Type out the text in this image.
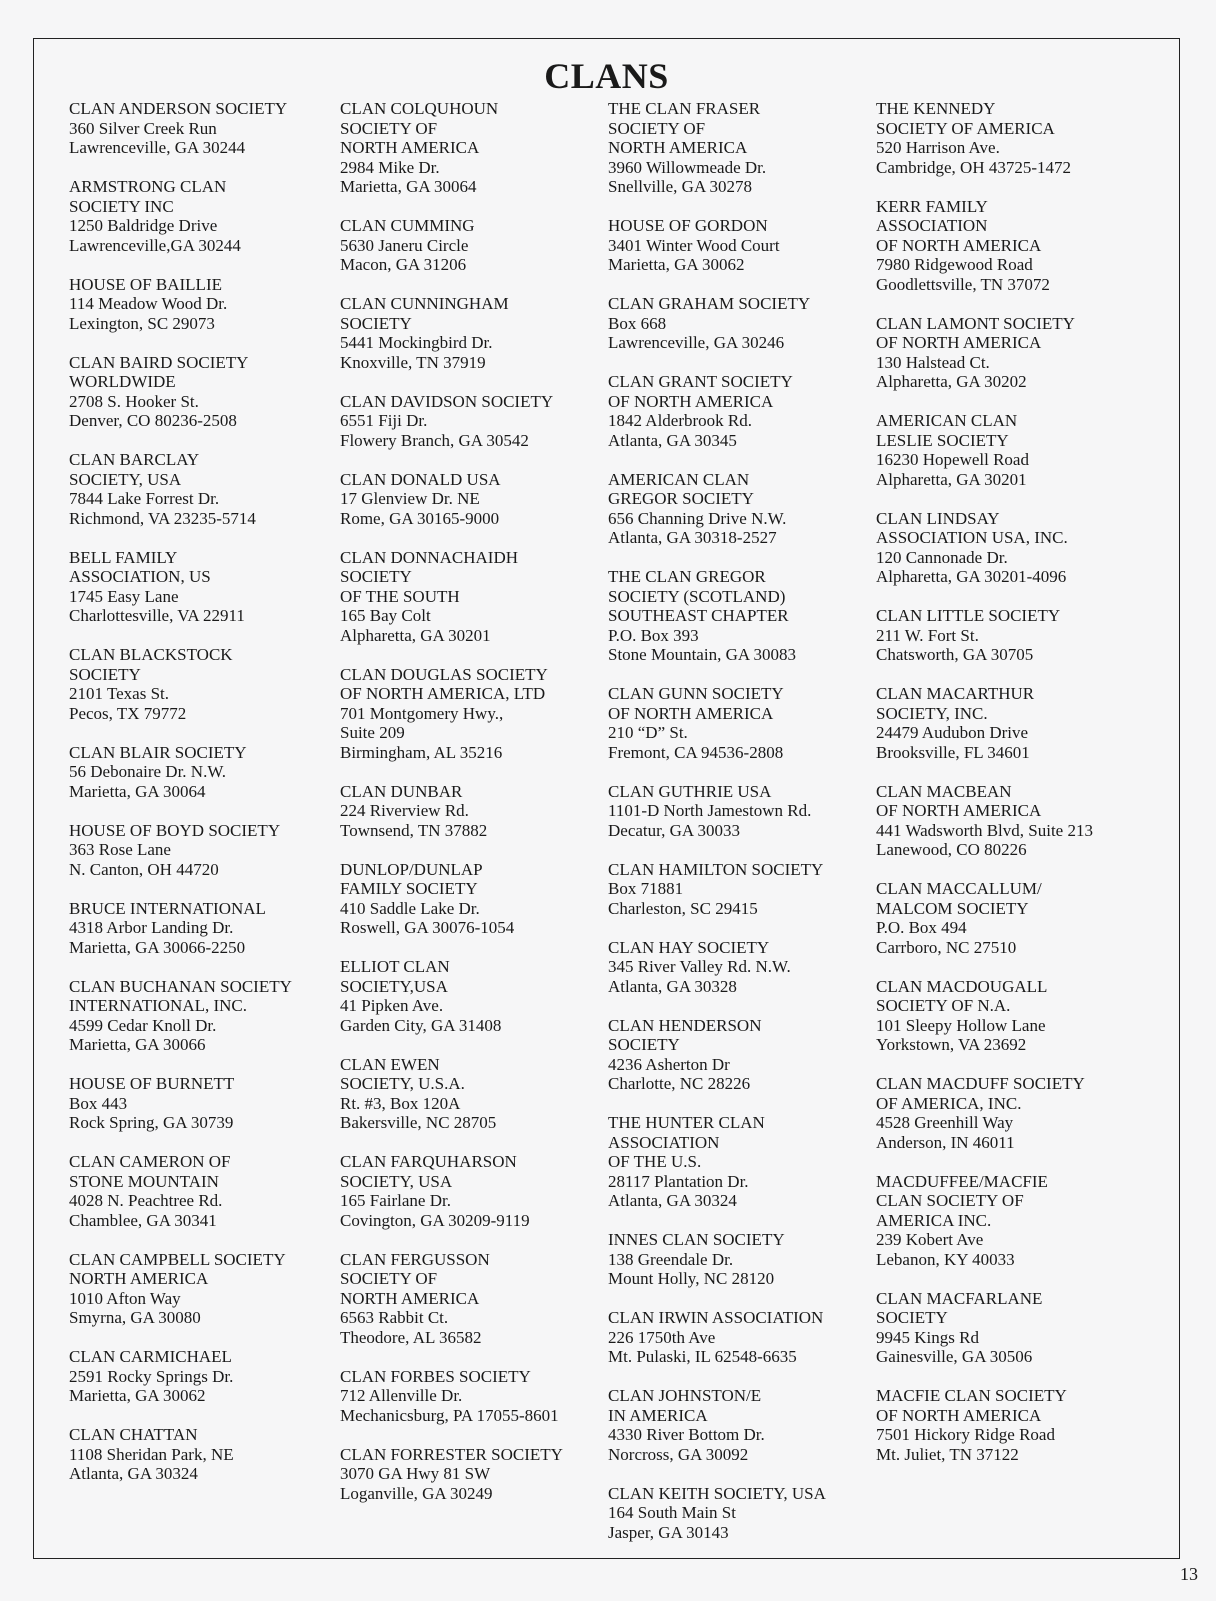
CLANS
CLAN ANDERSON SOCIETY
360 Silver Creek Run
Lawrenceville, GA 30244
ARMSTRONG CLAN
SOCIETY INC
1250 Baldridge Drive
Lawrenceville,GA 30244
HOUSE OF BAILLIE
114 Meadow Wood Dr.
Lexington, SC 29073
CLAN BAIRD SOCIETY
WORLDWIDE
2708 S. Hooker St.
Denver, CO 80236-2508
CLAN BARCLAY
SOCIETY, USA
7844 Lake Forrest Dr.
Richmond, VA 23235-5714
BELL FAMILY
ASSOCIATION, US
1745 Easy Lane
Charlottesville, VA 22911
CLAN BLACKSTOCK
SOCIETY
2101 Texas St.
Pecos, TX 79772
CLAN BLAIR SOCIETY
56 Debonaire Dr. N.W.
Marietta, GA 30064
HOUSE OF BOYD SOCIETY
363 Rose Lane
N. Canton, OH 44720
BRUCE INTERNATIONAL
4318 Arbor Landing Dr.
Marietta, GA 30066-2250
CLAN BUCHANAN SOCIETY
INTERNATIONAL, INC.
4599 Cedar Knoll Dr.
Marietta, GA 30066
HOUSE OF BURNETT
Box 443
Rock Spring, GA 30739
CLAN CAMERON OF
STONE MOUNTAIN
4028 N. Peachtree Rd.
Chamblee, GA 30341
CLAN CAMPBELL SOCIETY
NORTH AMERICA
1010 Afton Way
Smyrna, GA 30080
CLAN CARMICHAEL
2591 Rocky Springs Dr.
Marietta, GA 30062
CLAN CHATTAN
1108 Sheridan Park, NE
Atlanta, GA 30324
CLAN COLQUHOUN
SOCIETY OF
NORTH AMERICA
2984 Mike Dr.
Marietta, GA 30064
CLAN CUMMING
5630 Janeru Circle
Macon, GA 31206
CLAN CUNNINGHAM
SOCIETY
5441 Mockingbird Dr.
Knoxville, TN 37919
CLAN DAVIDSON SOCIETY
6551 Fiji Dr.
Flowery Branch, GA 30542
CLAN DONALD USA
17 Glenview Dr. NE
Rome, GA 30165-9000
CLAN DONNACHAIDH
SOCIETY
OF THE SOUTH
165 Bay Colt
Alpharetta, GA 30201
CLAN DOUGLAS SOCIETY
OF NORTH AMERICA, LTD
701 Montgomery Hwy.,
Suite 209
Birmingham, AL 35216
CLAN DUNBAR
224 Riverview Rd.
Townsend, TN 37882
DUNLOP/DUNLAP
FAMILY SOCIETY
410 Saddle Lake Dr.
Roswell, GA 30076-1054
ELLIOT CLAN
SOCIETY,USA
41 Pipken Ave.
Garden City, GA 31408
CLAN EWEN
SOCIETY, U.S.A.
Rt. #3, Box 120A
Bakersville, NC 28705
CLAN FARQUHARSON
SOCIETY, USA
165 Fairlane Dr.
Covington, GA 30209-9119
CLAN FERGUSSON
SOCIETY OF
NORTH AMERICA
6563 Rabbit Ct.
Theodore, AL 36582
CLAN FORBES SOCIETY
712 Allenville Dr.
Mechanicsburg, PA 17055-8601
CLAN FORRESTER SOCIETY
3070 GA Hwy 81 SW
Loganville, GA 30249
THE CLAN FRASER
SOCIETY OF
NORTH AMERICA
3960 Willowmeade Dr.
Snellville, GA 30278
HOUSE OF GORDON
3401 Winter Wood Court
Marietta, GA 30062
CLAN GRAHAM SOCIETY
Box 668
Lawrenceville, GA 30246
CLAN GRANT SOCIETY
OF NORTH AMERICA
1842 Alderbrook Rd.
Atlanta, GA 30345
AMERICAN CLAN
GREGOR SOCIETY
656 Channing Drive N.W.
Atlanta, GA 30318-2527
THE CLAN GREGOR
SOCIETY (SCOTLAND)
SOUTHEAST CHAPTER
P.O. Box 393
Stone Mountain, GA 30083
CLAN GUNN SOCIETY
OF NORTH AMERICA
210 “D” St.
Fremont, CA 94536-2808
CLAN GUTHRIE USA
1101-D North Jamestown Rd.
Decatur, GA 30033
CLAN HAMILTON SOCIETY
Box 71881
Charleston, SC 29415
CLAN HAY SOCIETY
345 River Valley Rd. N.W.
Atlanta, GA 30328
CLAN HENDERSON
SOCIETY
4236 Asherton Dr
Charlotte, NC 28226
THE HUNTER CLAN
ASSOCIATION
OF THE U.S.
28117 Plantation Dr.
Atlanta, GA 30324
INNES CLAN SOCIETY
138 Greendale Dr.
Mount Holly, NC 28120
CLAN IRWIN ASSOCIATION
226 1750th Ave
Mt. Pulaski, IL 62548-6635
CLAN JOHNSTON/E
IN AMERICA
4330 River Bottom Dr.
Norcross, GA 30092
CLAN KEITH SOCIETY, USA
164 South Main St
Jasper, GA 30143
THE KENNEDY
SOCIETY OF AMERICA
520 Harrison Ave.
Cambridge, OH 43725-1472
KERR FAMILY
ASSOCIATION
OF NORTH AMERICA
7980 Ridgewood Road
Goodlettsville, TN 37072
CLAN LAMONT SOCIETY
OF NORTH AMERICA
130 Halstead Ct.
Alpharetta, GA 30202
AMERICAN CLAN
LESLIE SOCIETY
16230 Hopewell Road
Alpharetta, GA 30201
CLAN LINDSAY
ASSOCIATION USA, INC.
120 Cannonade Dr.
Alpharetta, GA 30201-4096
CLAN LITTLE SOCIETY
211 W. Fort St.
Chatsworth, GA 30705
CLAN MACARTHUR
SOCIETY, INC.
24479 Audubon Drive
Brooksville, FL 34601
CLAN MACBEAN
OF NORTH AMERICA
441 Wadsworth Blvd, Suite 213
Lanewood, CO 80226
CLAN MACCALLUM/
MALCOM SOCIETY
P.O. Box 494
Carrboro, NC 27510
CLAN MACDOUGALL
SOCIETY OF N.A.
101 Sleepy Hollow Lane
Yorkstown, VA 23692
CLAN MACDUFF SOCIETY
OF AMERICA, INC.
4528 Greenhill Way
Anderson, IN 46011
MACDUFFEE/MACFIE
CLAN SOCIETY OF
AMERICA INC.
239 Kobert Ave
Lebanon, KY 40033
CLAN MACFARLANE
SOCIETY
9945 Kings Rd
Gainesville, GA 30506
MACFIE CLAN SOCIETY
OF NORTH AMERICA
7501 Hickory Ridge Road
Mt. Juliet, TN 37122
13
